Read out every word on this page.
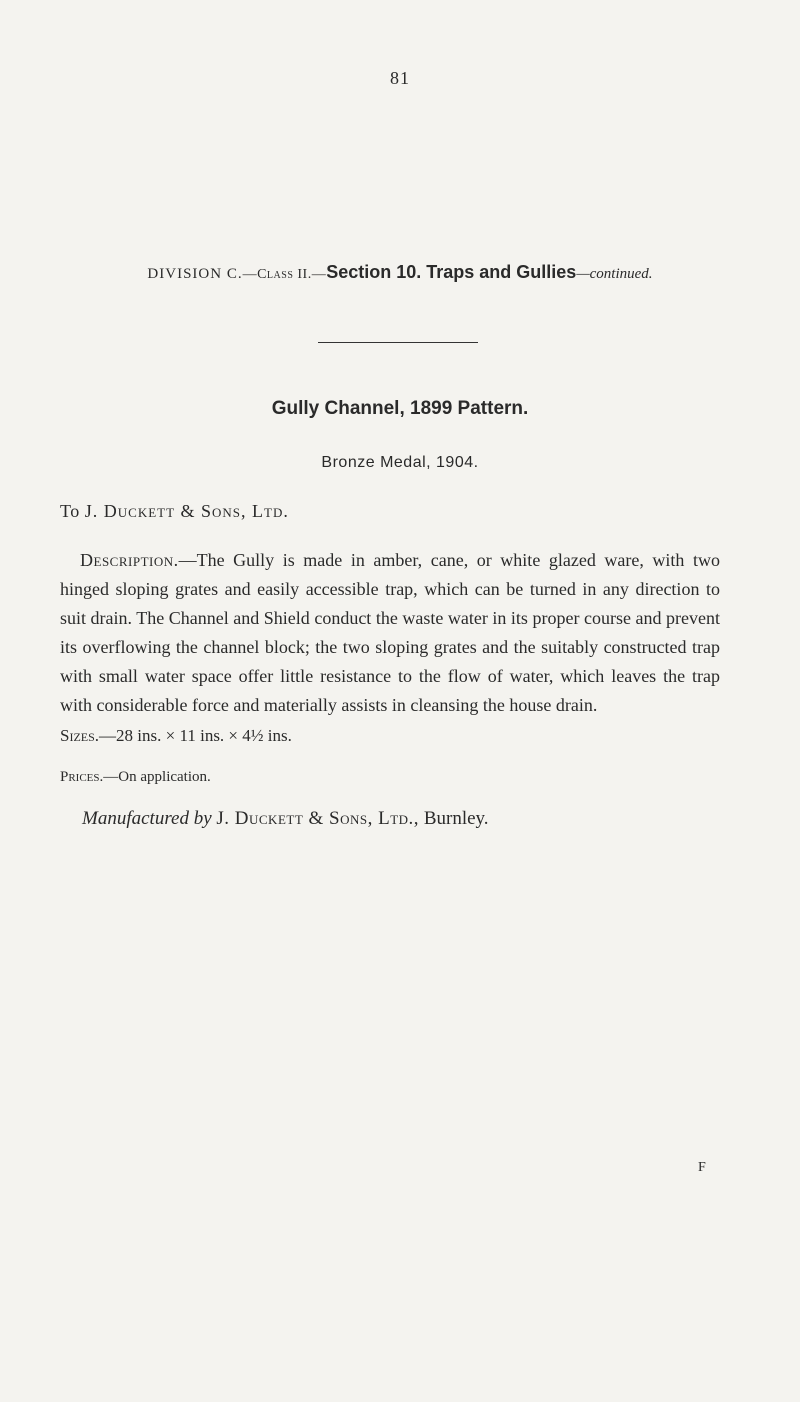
81
DIVISION C.—Class II.—Section 10. Traps and Gullies—continued.
Gully Channel, 1899 Pattern.
Bronze Medal, 1904.
To J. Duckett & Sons, Ltd.
Description.—The Gully is made in amber, cane, or white glazed ware, with two hinged sloping grates and easily accessible trap, which can be turned in any direction to suit drain. The Channel and Shield conduct the waste water in its proper course and prevent its overflowing the channel block; the two sloping grates and the suitably constructed trap with small water space offer little resistance to the flow of water, which leaves the trap with considerable force and materially assists in cleansing the house drain.
Sizes.—28 ins. × 11 ins. × 4½ ins.
Prices.—On application.
Manufactured by J. Duckett & Sons, Ltd., Burnley.
F
